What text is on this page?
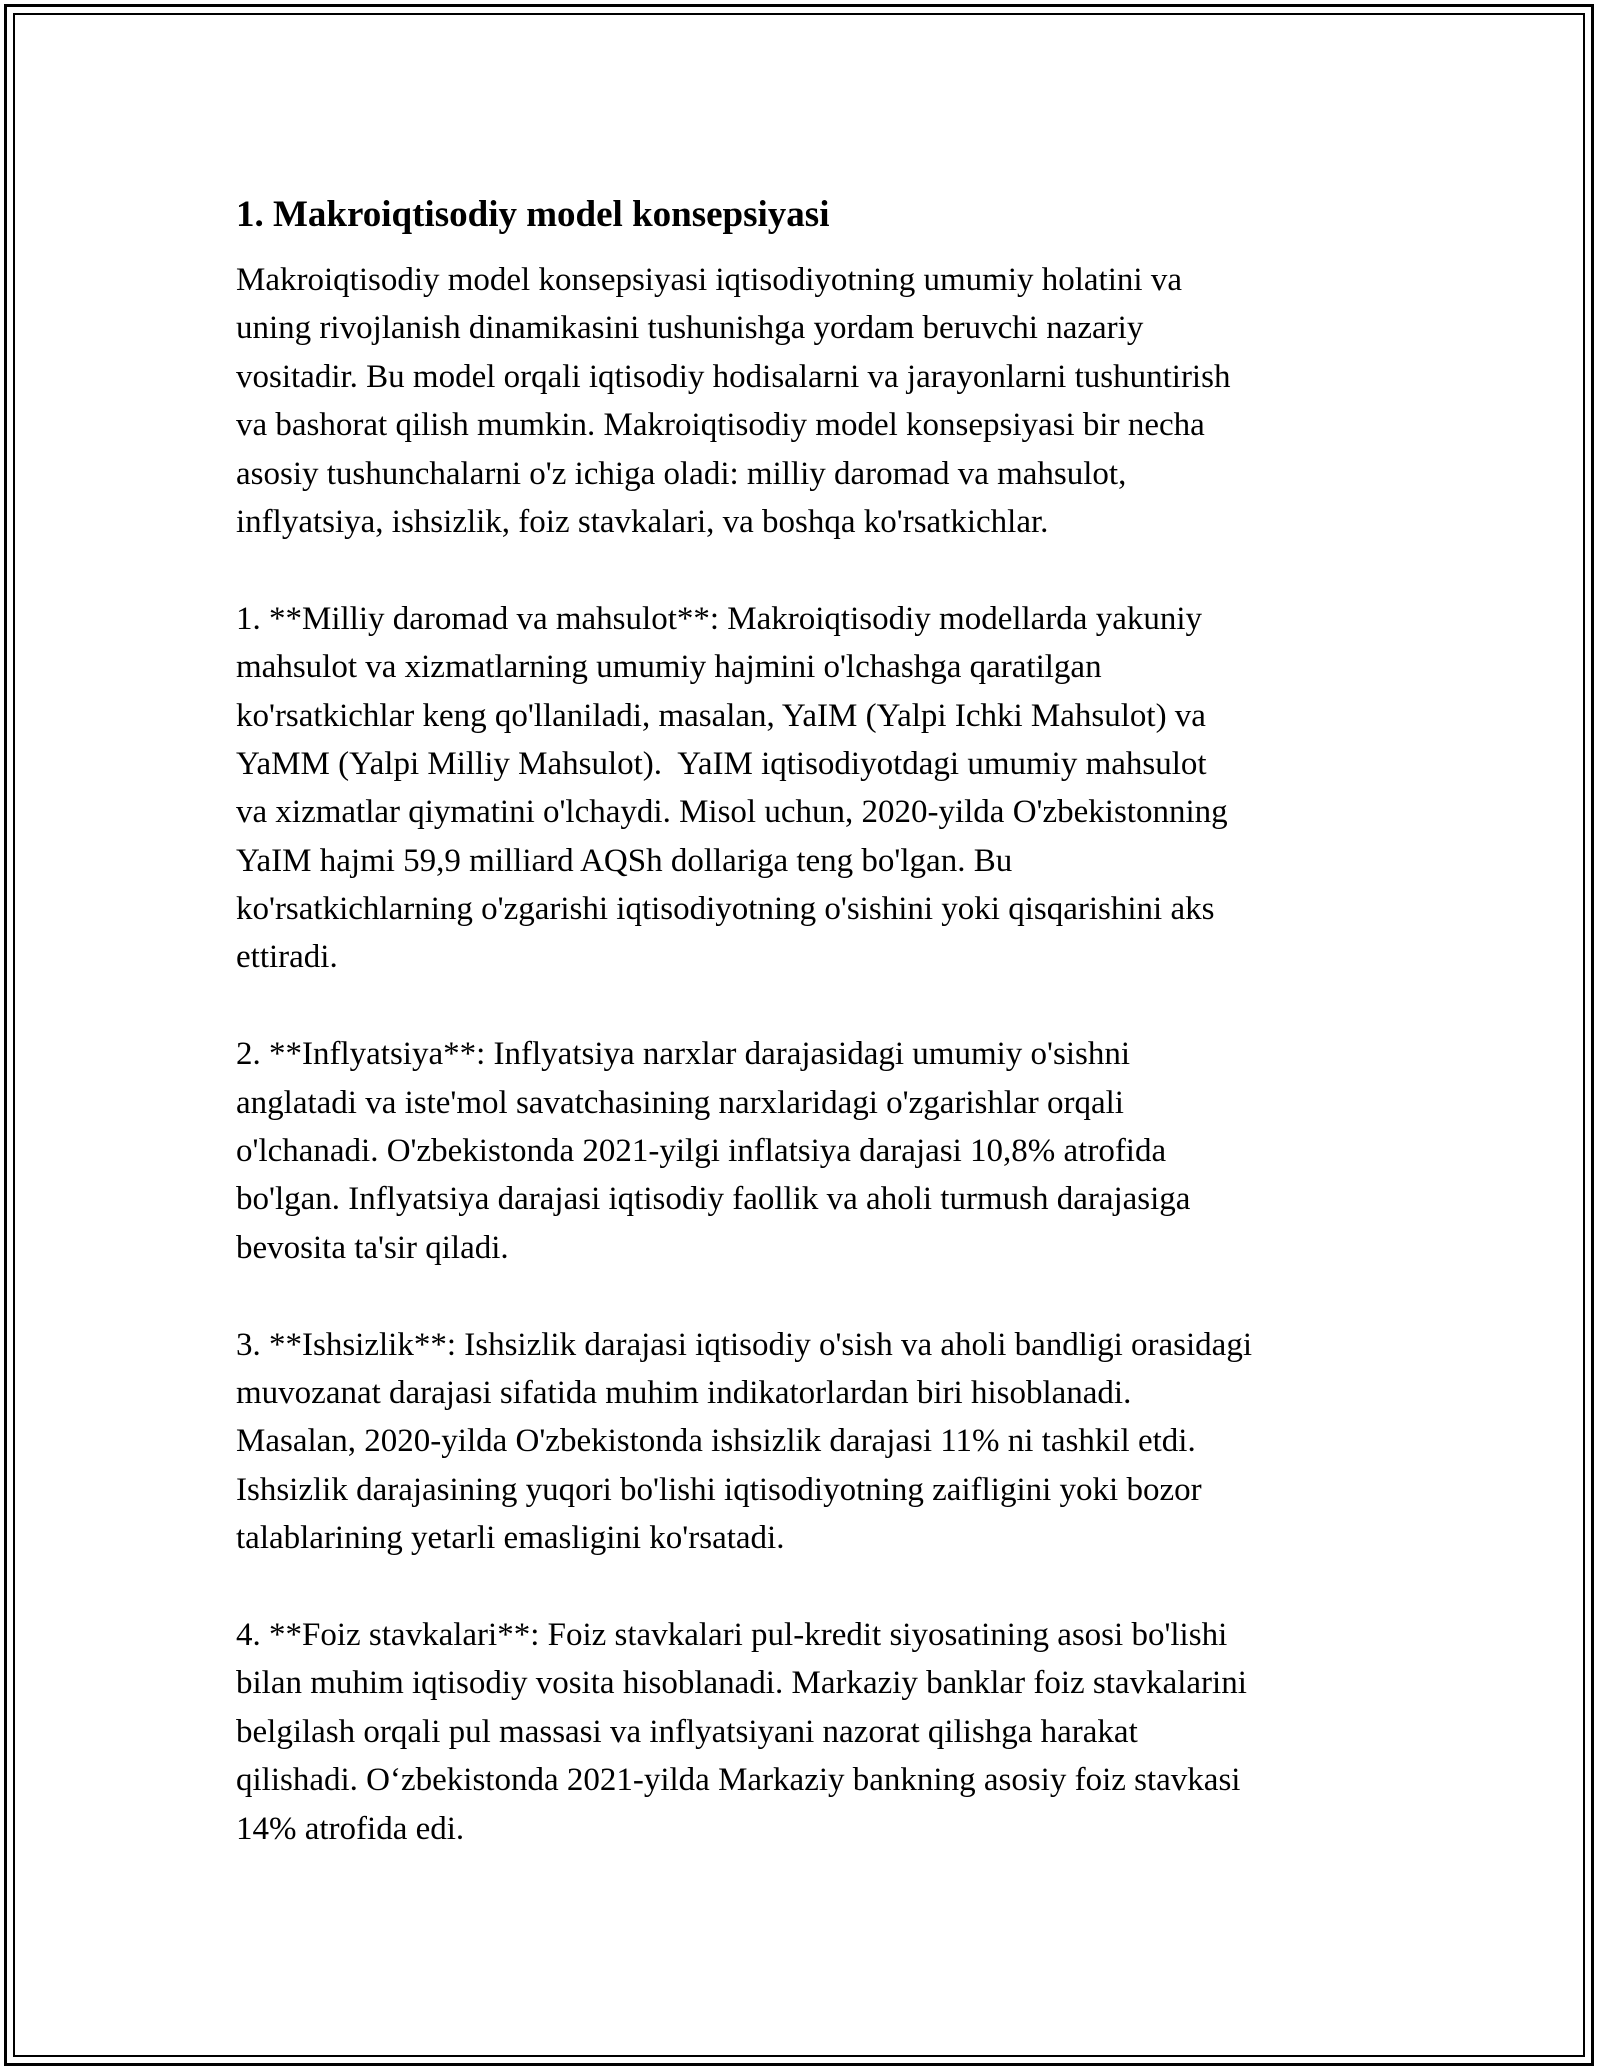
1. Makroiqtisodiy model konsepsiyasi
Makroiqtisodiy model konsepsiyasi iqtisodiyotning umumiy holatini va
uning rivojlanish dinamikasini tushunishga yordam beruvchi nazariy
vositadir. Bu model orqali iqtisodiy hodisalarni va jarayonlarni tushuntirish
va bashorat qilish mumkin. Makroiqtisodiy model konsepsiyasi bir necha
asosiy tushunchalarni o'z ichiga oladi: milliy daromad va mahsulot,
inflyatsiya, ishsizlik, foiz stavkalari, va boshqa ko'rsatkichlar.
1. **Milliy daromad va mahsulot**: Makroiqtisodiy modellarda yakuniy
mahsulot va xizmatlarning umumiy hajmini o'lchashga qaratilgan
ko'rsatkichlar keng qo'llaniladi, masalan, YaIM (Yalpi Ichki Mahsulot) va
YaMM (Yalpi Milliy Mahsulot).  YaIM iqtisodiyotdagi umumiy mahsulot
va xizmatlar qiymatini o'lchaydi. Misol uchun, 2020-yilda O'zbekistonning
YaIM hajmi 59,9 milliard AQSh dollariga teng bo'lgan. Bu
ko'rsatkichlarning o'zgarishi iqtisodiyotning o'sishini yoki qisqarishini aks
ettiradi.
2. **Inflyatsiya**: Inflyatsiya narxlar darajasidagi umumiy o'sishni
anglatadi va iste'mol savatchasining narxlaridagi o'zgarishlar orqali
o'lchanadi. O'zbekistonda 2021-yilgi inflatsiya darajasi 10,8% atrofida
bo'lgan. Inflyatsiya darajasi iqtisodiy faollik va aholi turmush darajasiga
bevosita ta'sir qiladi.
3. **Ishsizlik**: Ishsizlik darajasi iqtisodiy o'sish va aholi bandligi orasidagi
muvozanat darajasi sifatida muhim indikatorlardan biri hisoblanadi.
Masalan, 2020-yilda O'zbekistonda ishsizlik darajasi 11% ni tashkil etdi.
Ishsizlik darajasining yuqori bo'lishi iqtisodiyotning zaifligini yoki bozor
talablarining yetarli emasligini ko'rsatadi.
4. **Foiz stavkalari**: Foiz stavkalari pul-kredit siyosatining asosi bo'lishi
bilan muhim iqtisodiy vosita hisoblanadi. Markaziy banklar foiz stavkalarini
belgilash orqali pul massasi va inflyatsiyani nazorat qilishga harakat
qilishadi. O‘zbekistonda 2021-yilda Markaziy bankning asosiy foiz stavkasi
14% atrofida edi.
